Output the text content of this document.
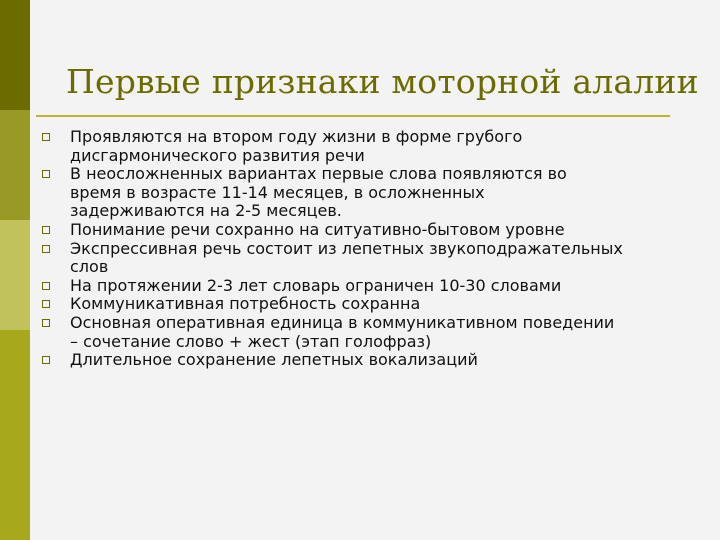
Первые признаки моторной алалии
Проявляются на втором году жизни в форме грубого
дисгармонического развития речи
В неосложненных вариантах первые слова появляются во
время в возрасте 11-14 месяцев, в осложненных
задерживаются на 2-5 месяцев.
Понимание речи сохранно на ситуативно-бытовом уровне
Экспрессивная речь состоит из лепетных звукоподражательных
слов
На протяжении 2-3 лет словарь ограничен 10-30 словами
Коммуникативная потребность сохранна
Основная оперативная единица в коммуникативном поведении
– сочетание слово + жест (этап голофраз)
Длительное сохранение лепетных вокализаций
